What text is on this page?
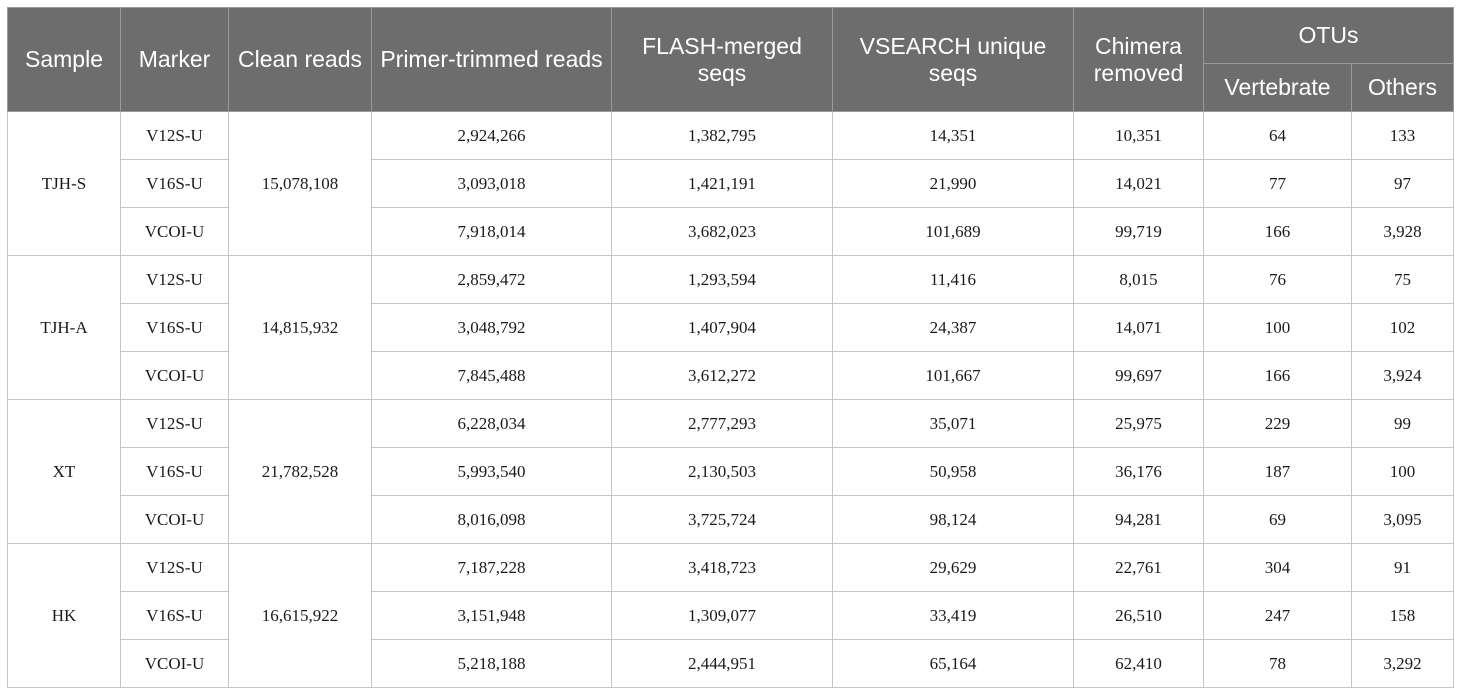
Sample	Marker	Clean reads	Primer-trimmed reads	FLASH-merged seqs	VSEARCH unique seqs	Chimera removed	OTUs	
							Vertebrate	Others
TJH-S	V12S-U	15,078,108	2,924,266	1,382,795	14,351	10,351	64	133
	V16S-U		3,093,018	1,421,191	21,990	14,021	77	97
	VCOI-U		7,918,014	3,682,023	101,689	99,719	166	3,928
TJH-A	V12S-U	14,815,932	2,859,472	1,293,594	11,416	8,015	76	75
	V16S-U		3,048,792	1,407,904	24,387	14,071	100	102
	VCOI-U		7,845,488	3,612,272	101,667	99,697	166	3,924
XT	V12S-U	21,782,528	6,228,034	2,777,293	35,071	25,975	229	99
	V16S-U		5,993,540	2,130,503	50,958	36,176	187	100
	VCOI-U		8,016,098	3,725,724	98,124	94,281	69	3,095
HK	V12S-U	16,615,922	7,187,228	3,418,723	29,629	22,761	304	91
	V16S-U		3,151,948	1,309,077	33,419	26,510	247	158
	VCOI-U		5,218,188	2,444,951	65,164	62,410	78	3,292
